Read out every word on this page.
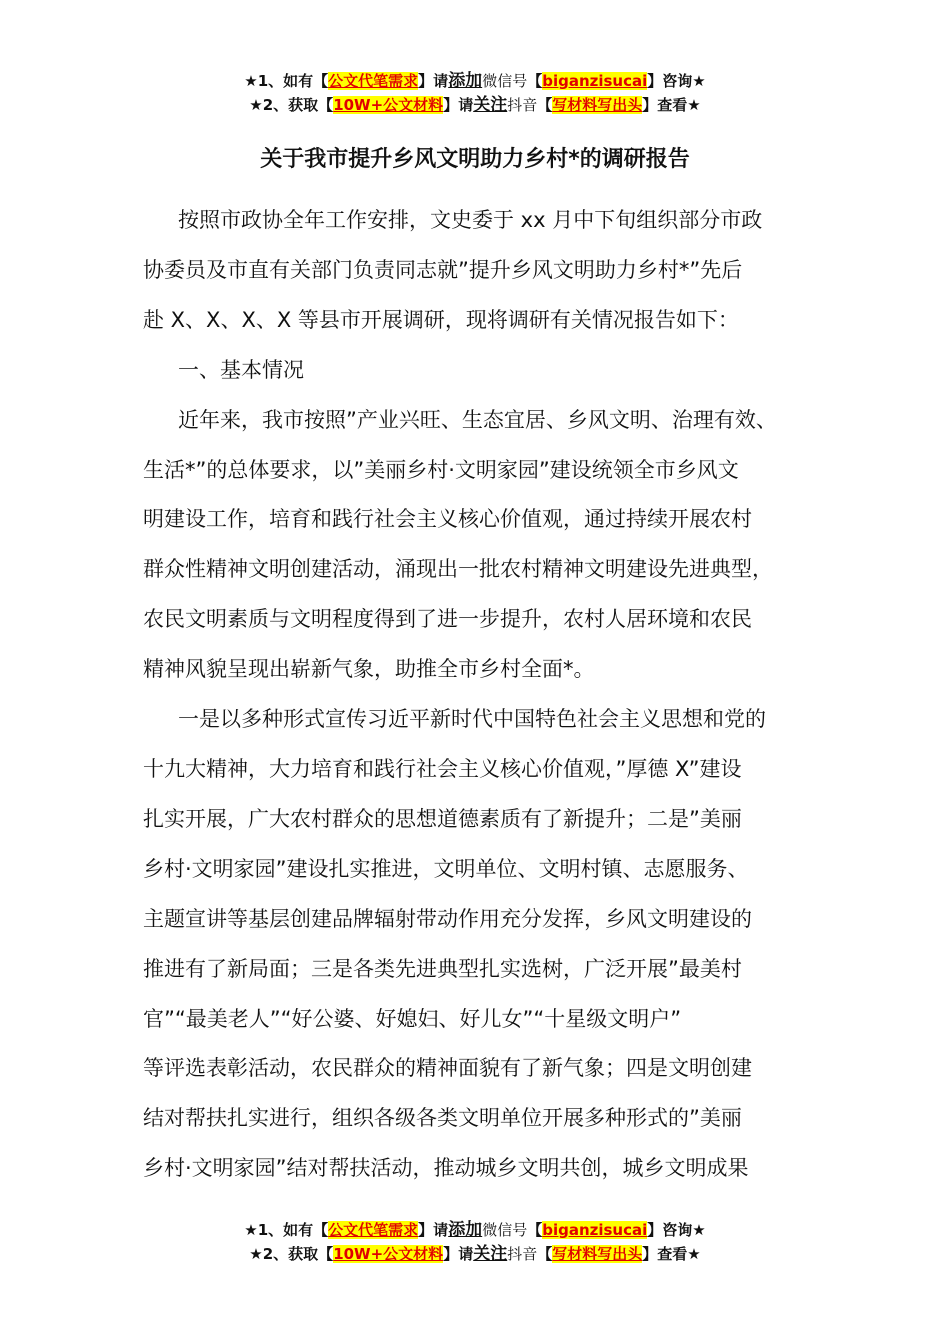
★1、如有【公文代笔需求】请添加微信号【biganzisucai】咨询★
★2、获取【10W+公文材料】请关注抖音【写材料写出头】查看★
关于我市提升乡风文明助力乡村*的调研报告
按照市政协全年工作安排，文史委于 xx 月中下旬组织部分市政
协委员及市直有关部门负责同志就”提升乡风文明助力乡村*”先后
赴 X、X、X、X 等县市开展调研，现将调研有关情况报告如下：
一、基本情况
近年来，我市按照”产业兴旺、生态宜居、乡风文明、治理有效、
生活*”的总体要求，以”美丽乡村·文明家园”建设统领全市乡风文
明建设工作，培育和践行社会主义核心价值观，通过持续开展农村
群众性精神文明创建活动，涌现出一批农村精神文明建设先进典型，
农民文明素质与文明程度得到了进一步提升，农村人居环境和农民
精神风貌呈现出崭新气象，助推全市乡村全面*。
一是以多种形式宣传习近平新时代中国特色社会主义思想和党的
十九大精神，大力培育和践行社会主义核心价值观，”厚德 X”建设
扎实开展，广大农村群众的思想道德素质有了新提升；二是”美丽
乡村·文明家园”建设扎实推进，文明单位、文明村镇、志愿服务、
主题宣讲等基层创建品牌辐射带动作用充分发挥，乡风文明建设的
推进有了新局面；三是各类先进典型扎实选树，广泛开展”最美村
官”“最美老人”“好公婆、好媳妇、好儿女”“十星级文明户”
等评选表彰活动，农民群众的精神面貌有了新气象；四是文明创建
结对帮扶扎实进行，组织各级各类文明单位开展多种形式的”美丽
乡村·文明家园”结对帮扶活动，推动城乡文明共创，城乡文明成果
★1、如有【公文代笔需求】请添加微信号【biganzisucai】咨询★
★2、获取【10W+公文材料】请关注抖音【写材料写出头】查看★
